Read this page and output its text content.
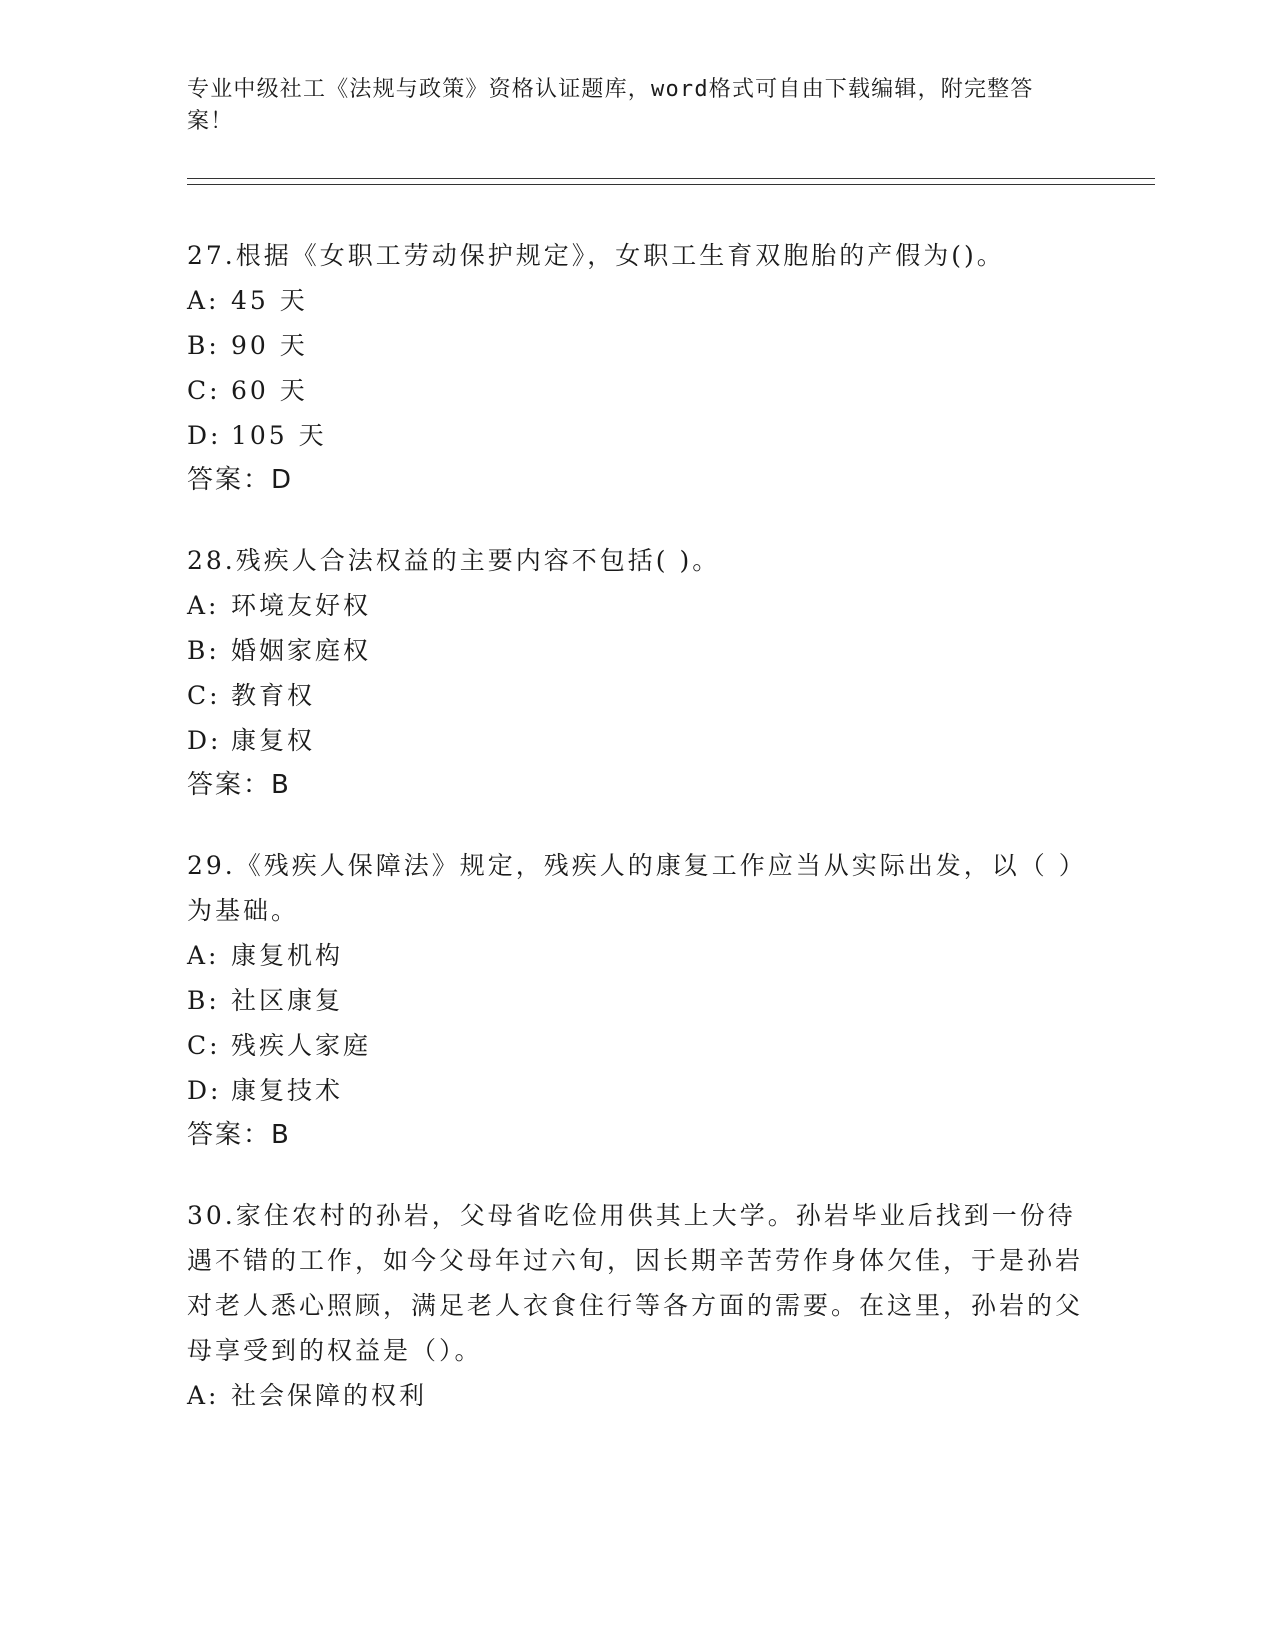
专业中级社工《法规与政策》资格认证题库，word格式可自由下载编辑，附完整答案！
27.根据《女职工劳动保护规定》，女职工生育双胞胎的产假为()。
A: 45 天
B: 90 天
C: 60 天
D: 105 天
答案：D
28.残疾人合法权益的主要内容不包括( )。
A: 环境友好权
B: 婚姻家庭权
C: 教育权
D: 康复权
答案：B
29.《残疾人保障法》规定，残疾人的康复工作应当从实际出发，以（ ）为基础。
A: 康复机构
B: 社区康复
C: 残疾人家庭
D: 康复技术
答案：B
30.家住农村的孙岩，父母省吃俭用供其上大学。孙岩毕业后找到一份待遇不错的工作，如今父母年过六旬，因长期辛苦劳作身体欠佳，于是孙岩对老人悉心照顾，满足老人衣食住行等各方面的需要。在这里，孙岩的父母享受到的权益是（）。
A: 社会保障的权利
